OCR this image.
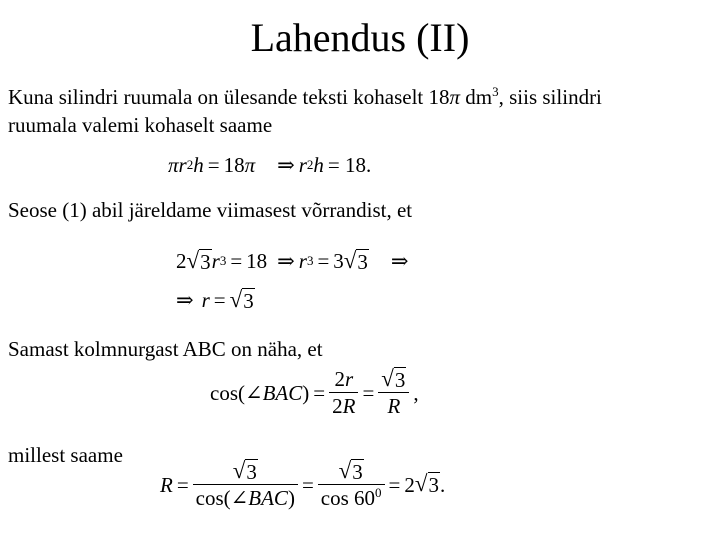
Lahendus (II)
Kuna silindri ruumala on ülesande teksti kohaselt 18π $dm^3$, siis silindri
ruumala valemi kohaselt saame
π r 2 h = 18 π ⇒ r 2 h = 18.
Seose (1) abil järeldame viimasest võrrandist, et
2 √ 3 r 3 = 18 ⇒ r 3 = 3 √ 3 ⇒
⇒ r = √ 3
Samast kolmnurgast ABC on näha, et
cos( ∠ BAC ) = $\frac{2r}{2R} = \frac{√ 3}{R}$ ,
millest saame
$R = \frac{√ 3}{\text{cos(∠BAC)}} = \frac{√ 3}{\cos 60^0} = 2$ √ 3 .
